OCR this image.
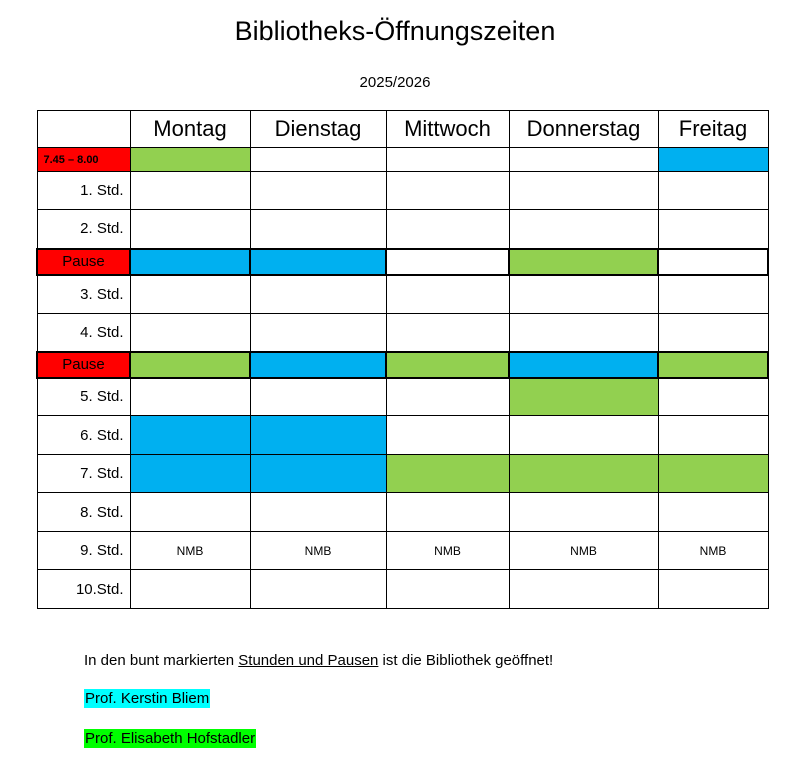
Bibliotheks-Öffnungszeiten
2025/2026
	Montag	Dienstag	Mittwoch	Donnerstag	Freitag
7.45 – 8.00					
1. Std.					
2. Std.					
Pause					
3. Std.					
4. Std.					
Pause					
5. Std.					
6. Std.					
7. Std.					
8. Std.					
9. Std.	NMB	NMB	NMB	NMB	NMB
10.Std.					
In den bunt markierten Stunden und Pausen ist die Bibliothek geöffnet!
Prof. Kerstin Bliem
Prof. Elisabeth Hofstadler
